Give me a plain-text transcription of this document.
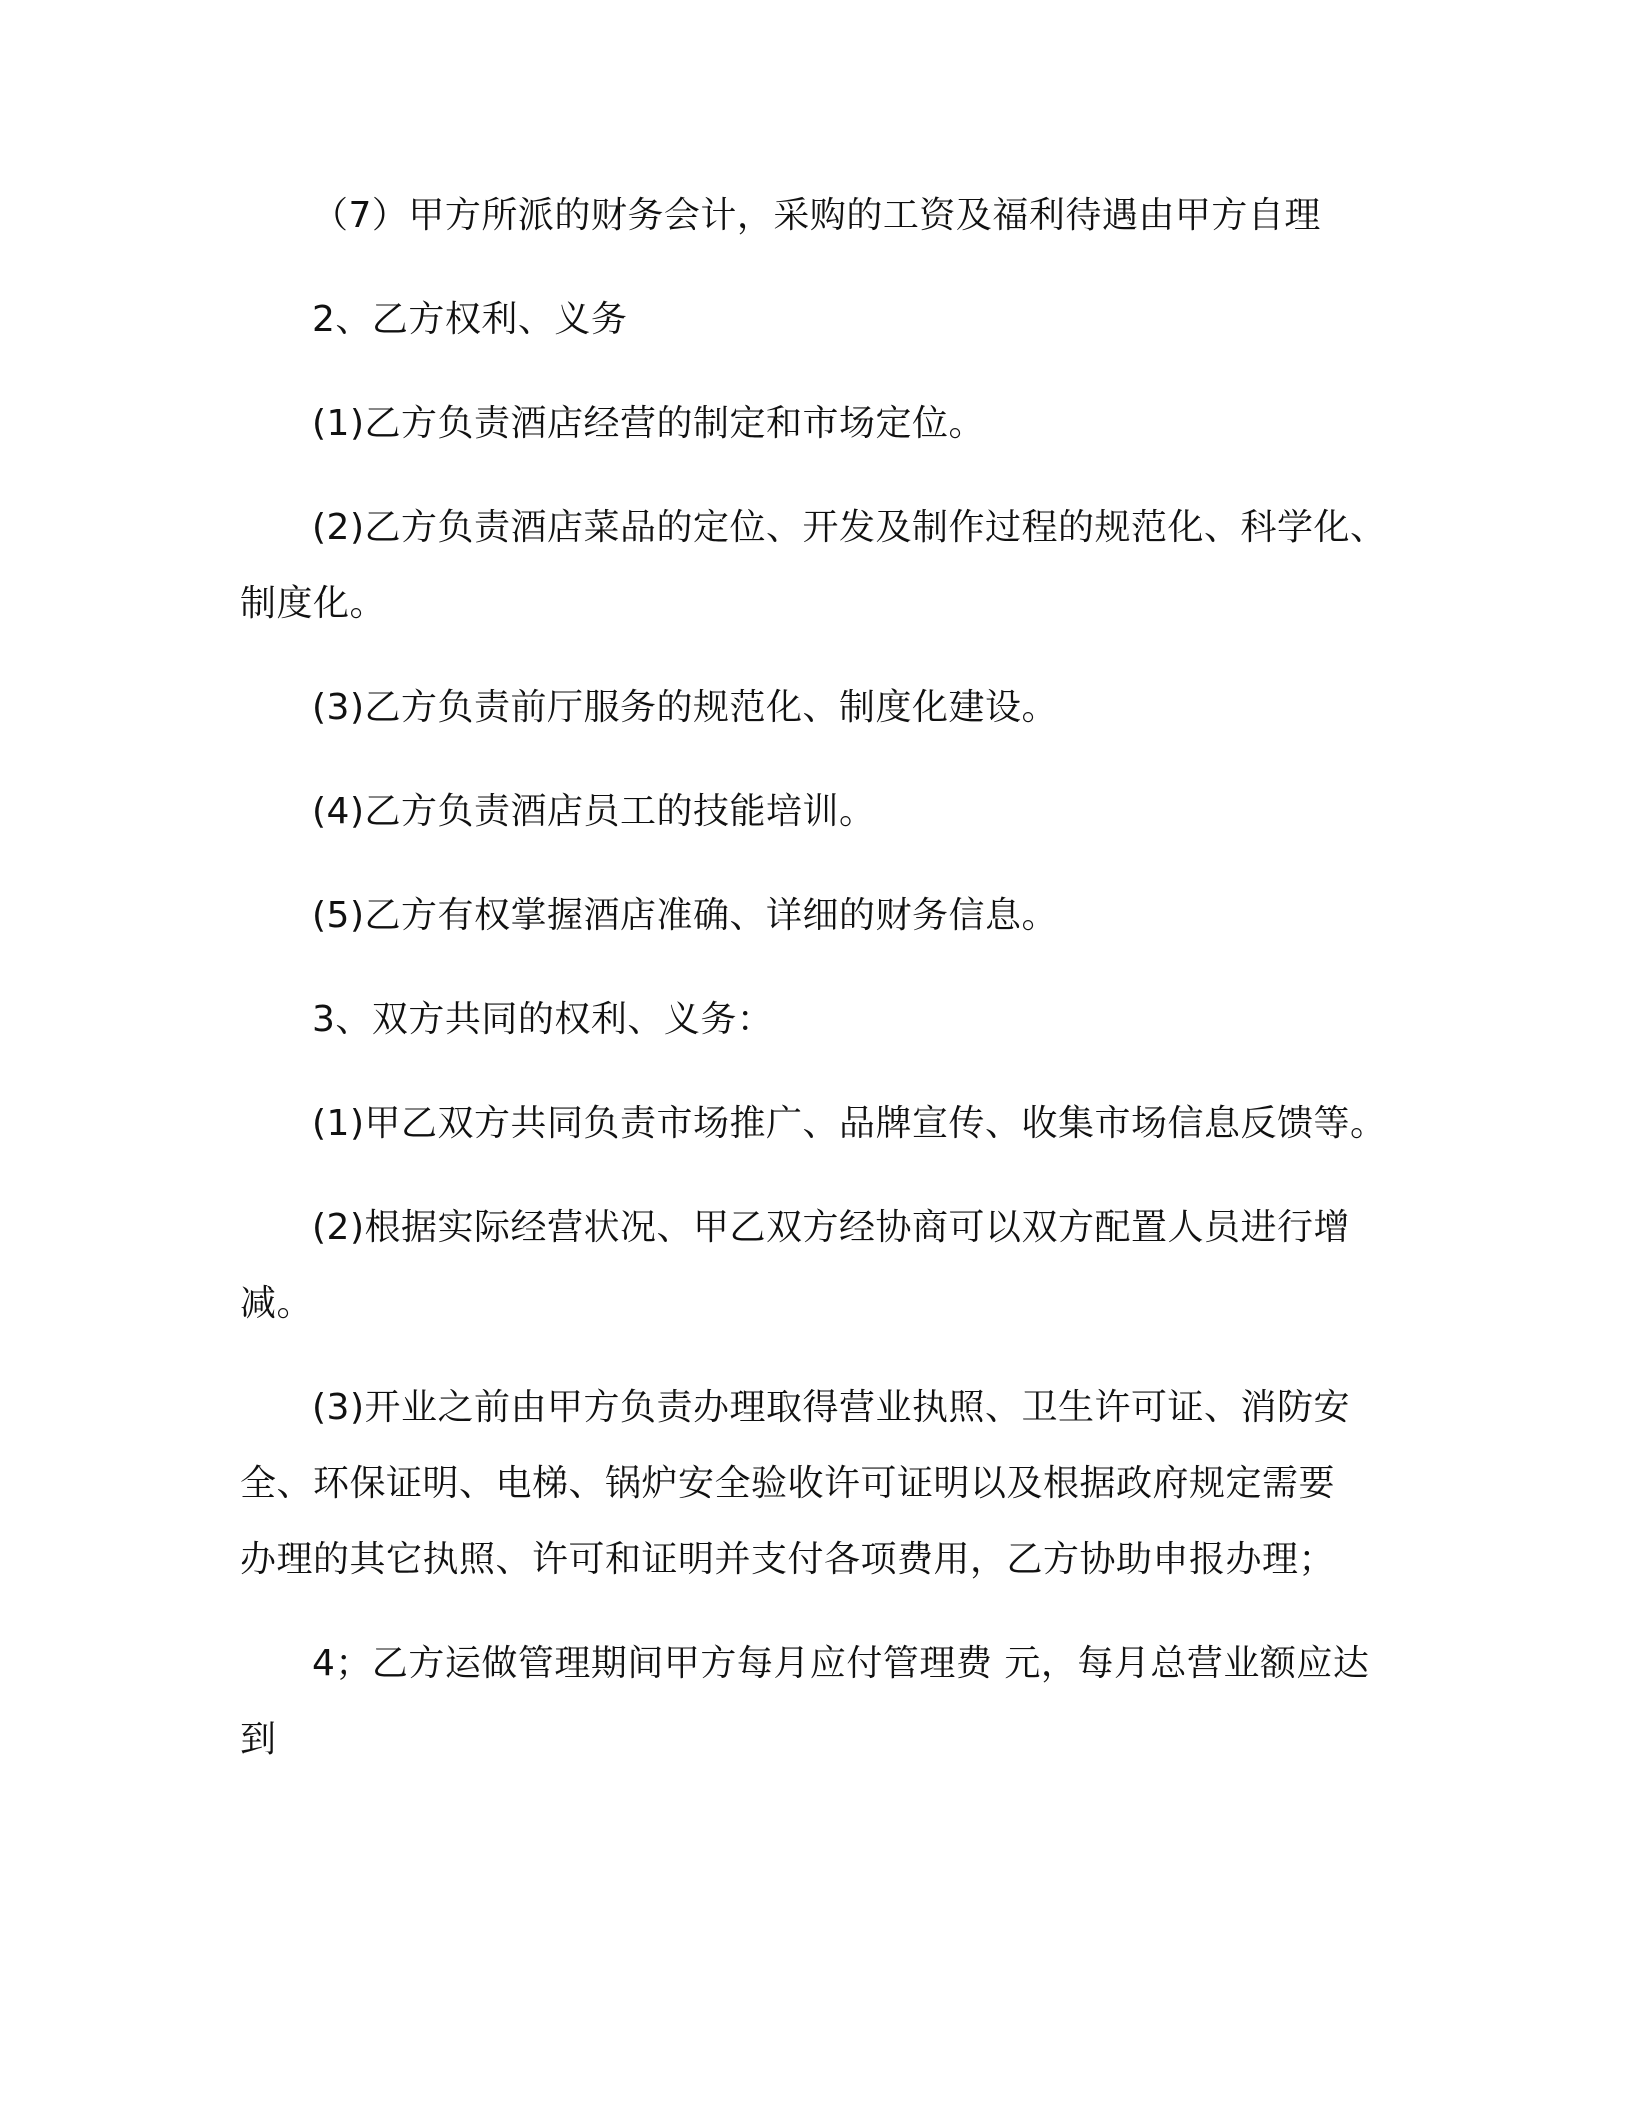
（7）甲方所派的财务会计，采购的工资及福利待遇由甲方自理
2、乙方权利、义务
(1)乙方负责酒店经营的制定和市场定位。
(2)乙方负责酒店菜品的定位、开发及制作过程的规范化、科学化、
制度化。
(3)乙方负责前厅服务的规范化、制度化建设。
(4)乙方负责酒店员工的技能培训。
(5)乙方有权掌握酒店准确、详细的财务信息。
3、双方共同的权利、义务：
(1)甲乙双方共同负责市场推广、品牌宣传、收集市场信息反馈等。
(2)根据实际经营状况、甲乙双方经协商可以双方配置人员进行增
减。
(3)开业之前由甲方负责办理取得营业执照、卫生许可证、消防安
全、环保证明、电梯、锅炉安全验收许可证明以及根据政府规定需要
办理的其它执照、许可和证明并支付各项费用，乙方协助申报办理；
4；乙方运做管理期间甲方每月应付管理费 元，每月总营业额应达
到
